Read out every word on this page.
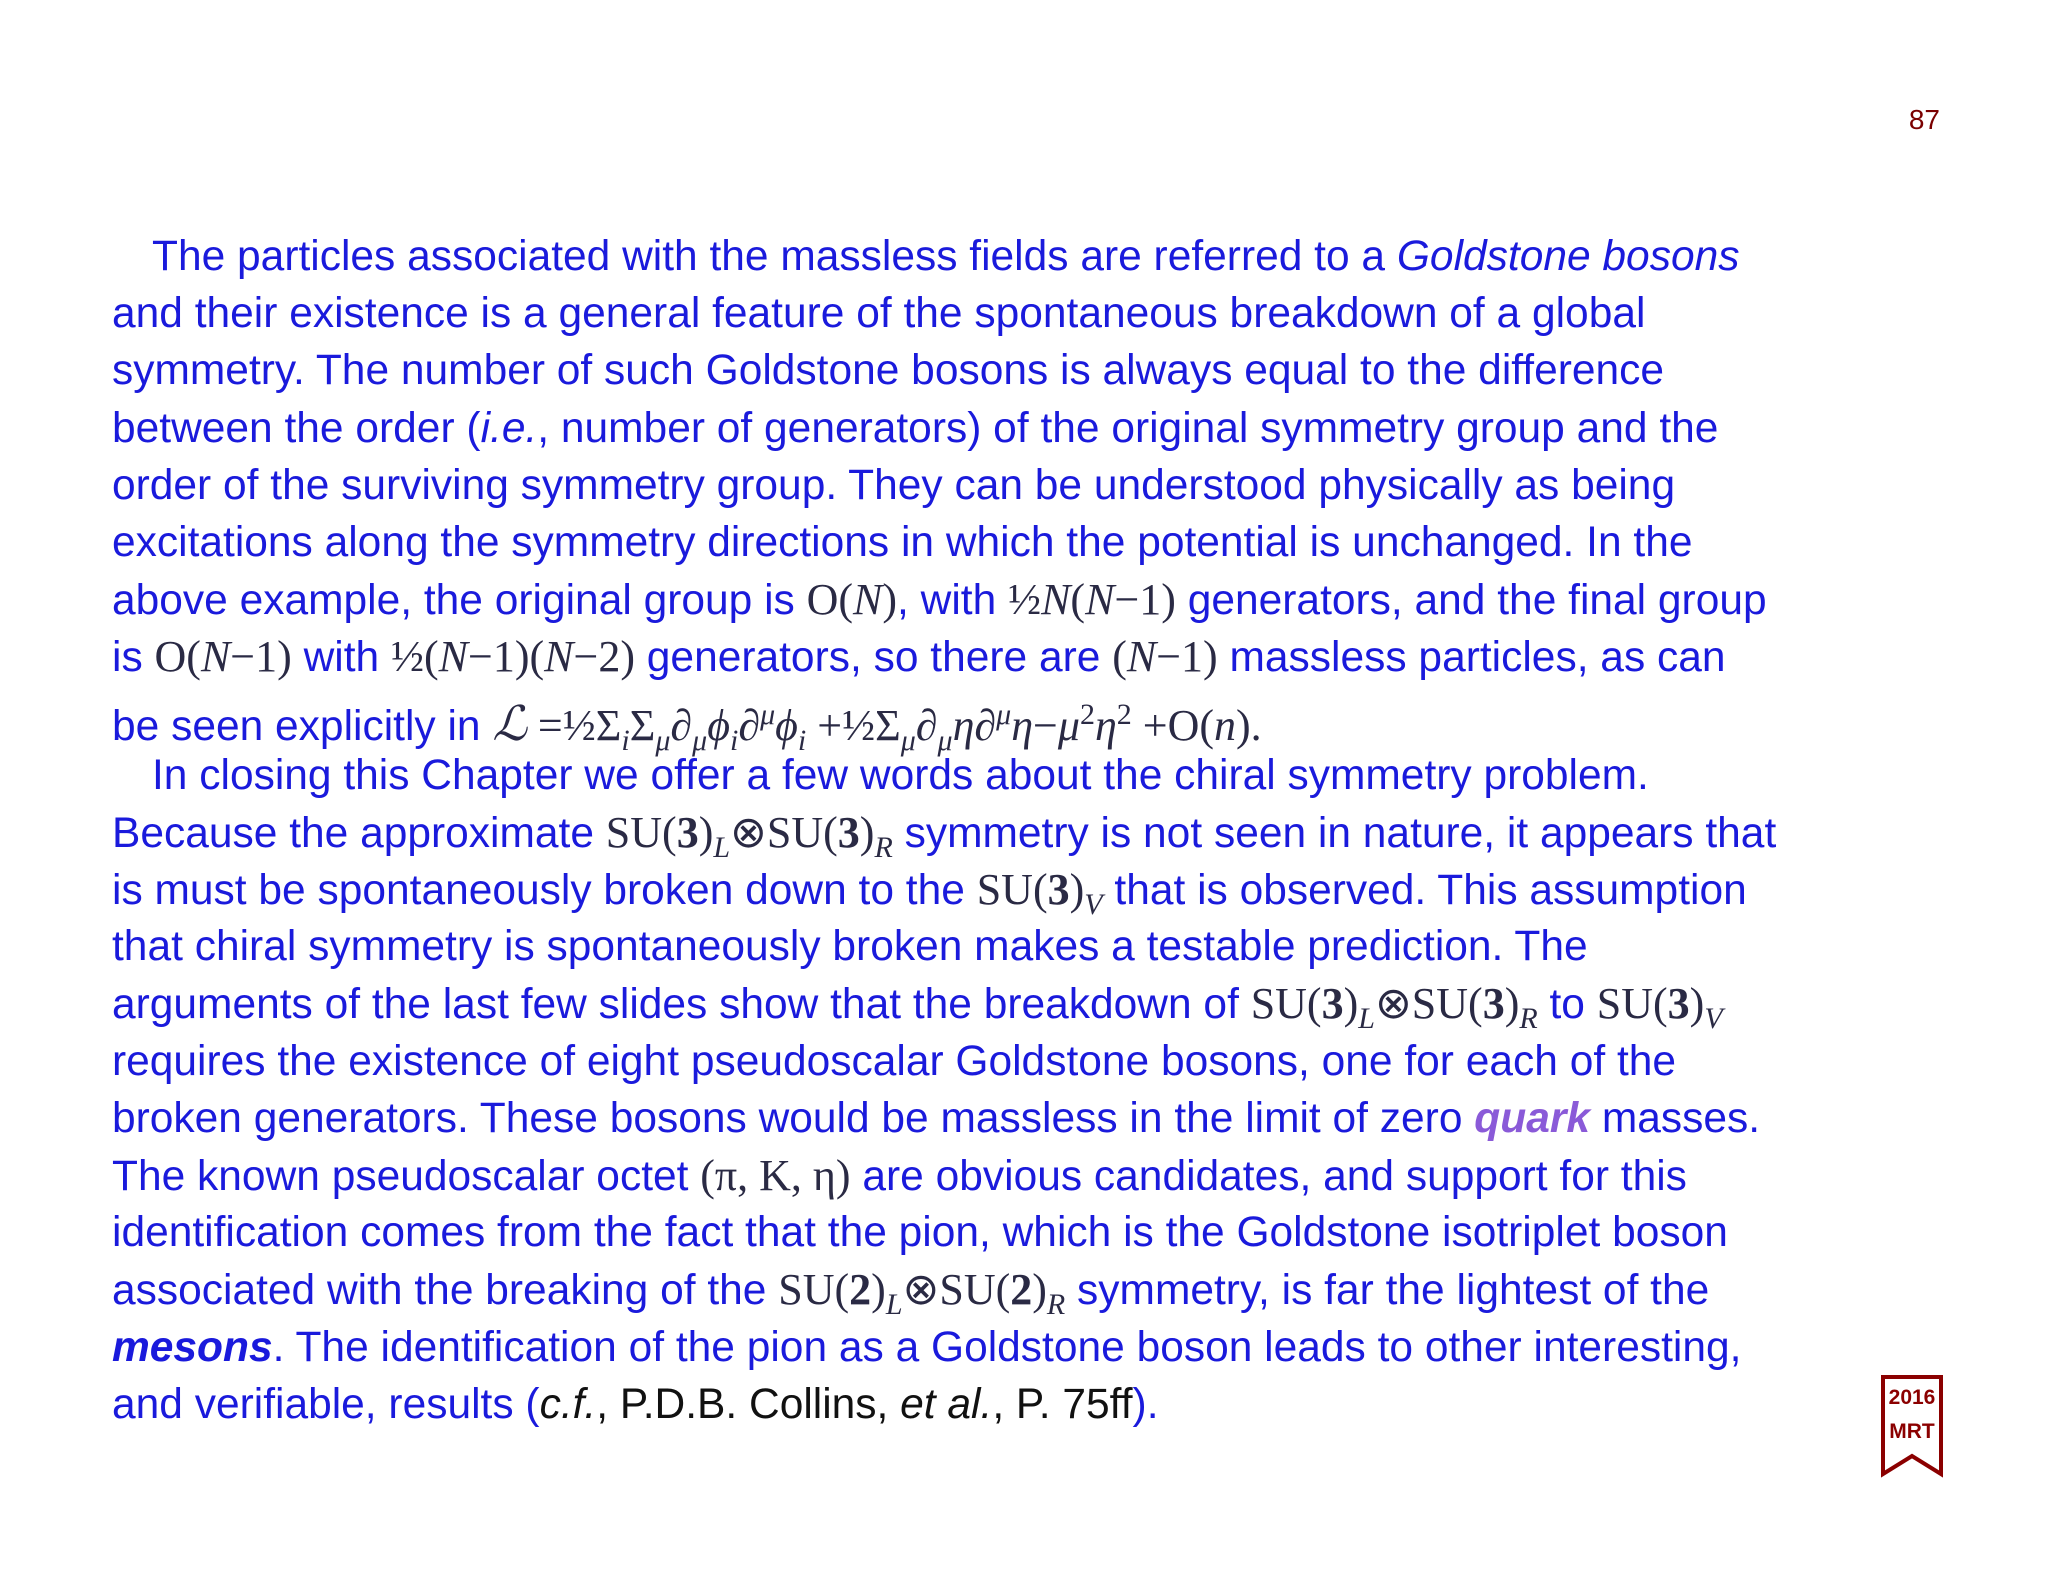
87
The particles associated with the massless fields are referred to a Goldstone bosons
and their existence is a general feature of the spontaneous breakdown of a global
symmetry. The number of such Goldstone bosons is always equal to the difference
between the order (i.e., number of generators) of the original symmetry group and the
order of the surviving symmetry group. They can be understood physically as being
excitations along the symmetry directions in which the potential is unchanged. In the
above example, the original group is O(N), with ½N(N−1) generators, and the final group
is O(N−1) with ½(N−1)(N−2) generators, so there are (N−1) massless particles, as can
be seen explicitly in ℒ $=\frac{1}{2}\Sigma_i\Sigma_\mu\partial_\mu\phi_i\partial^\mu\phi_i$ $+\frac{1}{2}\Sigma_\mu\partial_\mu\eta\partial^\mu\eta-\mu^2\eta^2 +O(n)$.
In closing this Chapter we offer a few words about the chiral symmetry problem.
Because the approximate $SU(3)_L\otimes SU(3)_R$ symmetry is not seen in nature, it appears that
is must be spontaneously broken down to the $SU(3)_V$ that is observed. This assumption
that chiral symmetry is spontaneously broken makes a testable prediction. The
arguments of the last few slides show that the breakdown of $SU(3)_L\otimes SU(3)_R$ to $SU(3)_V$
requires the existence of eight pseudoscalar Goldstone bosons, one for each of the
broken generators. These bosons would be massless in the limit of zero quark masses.
The known pseudoscalar octet (π, K, η) are obvious candidates, and support for this
identification comes from the fact that the pion, which is the Goldstone isotriplet boson
associated with the breaking of the $SU(2)_L\otimes SU(2)_R$ symmetry, is far the lightest of the
mesons. The identification of the pion as a Goldstone boson leads to other interesting,
and verifiable, results (c.f., P.D.B. Collins, et al., P. 75ff).	2016
MRT
